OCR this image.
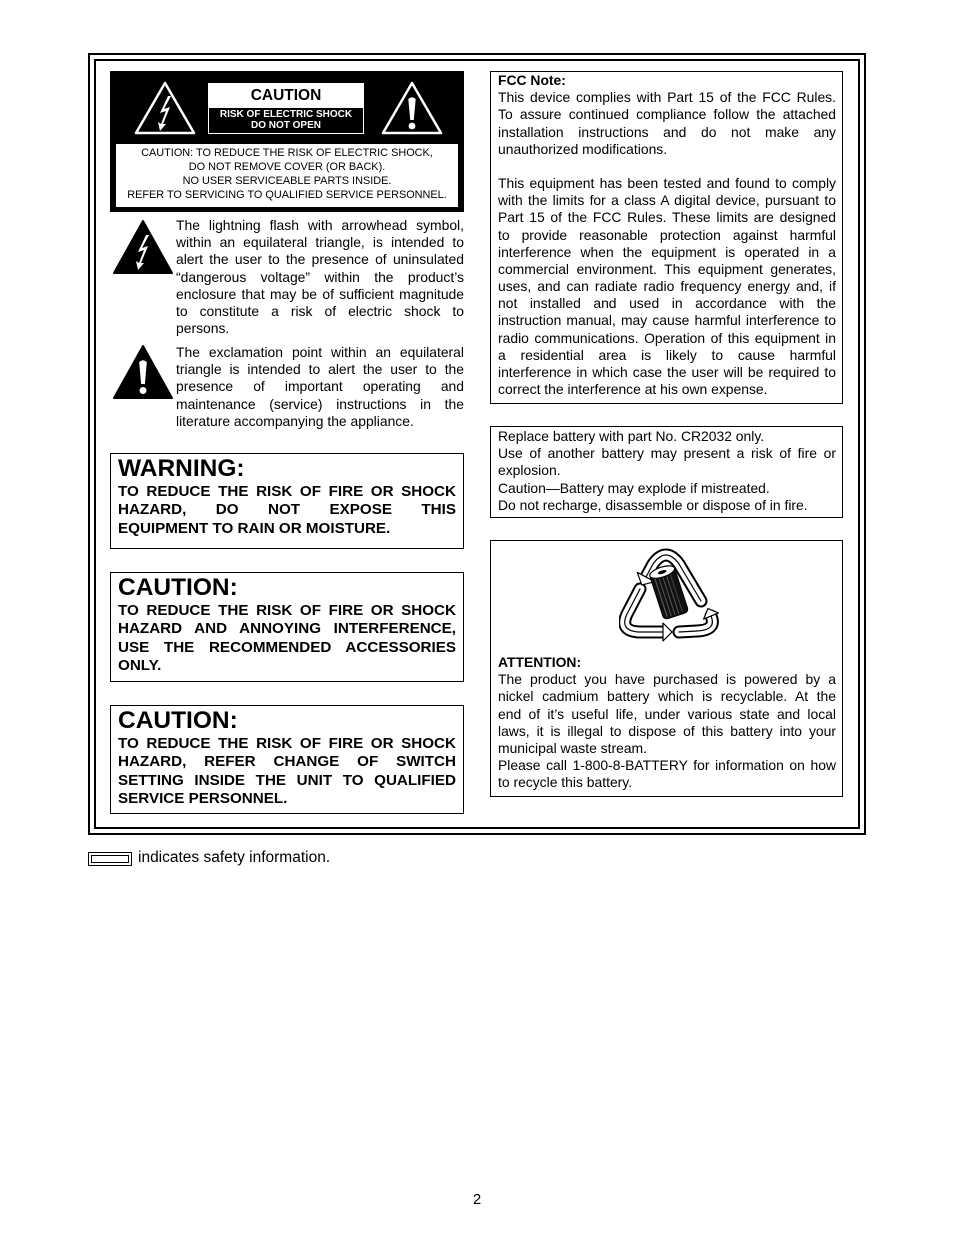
CAUTION
RISK OF ELECTRIC SHOCK
DO NOT OPEN
CAUTION: TO REDUCE THE RISK OF ELECTRIC SHOCK,
DO NOT REMOVE COVER (OR BACK).
NO USER SERVICEABLE PARTS INSIDE.
REFER TO SERVICING TO QUALIFIED SERVICE PERSONNEL.
The lightning flash with arrowhead symbol,
within an equilateral triangle, is intended to
alert the user to the presence of uninsulated
“dangerous voltage” within the product’s
enclosure that may be of sufficient magnitude
to constitute a risk of electric shock to
persons.
The exclamation point within an equilateral
triangle is intended to alert the user to the
presence of important operating and
maintenance (service) instructions in the
literature accompanying the appliance.
WARNING:
TO REDUCE THE RISK OF FIRE OR SHOCK
HAZARD, DO NOT EXPOSE THIS
EQUIPMENT TO RAIN OR MOISTURE.
CAUTION:
TO REDUCE THE RISK OF FIRE OR SHOCK
HAZARD AND ANNOYING INTERFERENCE,
USE THE RECOMMENDED ACCESSORIES
ONLY.
CAUTION:
TO REDUCE THE RISK OF FIRE OR SHOCK
HAZARD, REFER CHANGE OF SWITCH
SETTING INSIDE THE UNIT TO QUALIFIED
SERVICE PERSONNEL.
FCC Note:
This device complies with Part 15 of the FCC Rules.
To assure continued compliance follow the attached
installation instructions and do not make any
unauthorized modifications.
This equipment has been tested and found to comply
with the limits for a class A digital device, pursuant to
Part 15 of the FCC Rules. These limits are designed
to provide reasonable protection against harmful
interference when the equipment is operated in a
commercial environment. This equipment generates,
uses, and can radiate radio frequency energy and, if
not installed and used in accordance with the
instruction manual, may cause harmful interference to
radio communications. Operation of this equipment in
a residential area is likely to cause harmful
interference in which case the user will be required to
correct the interference at his own expense.
Replace battery with part No. CR2032 only.
Use of another battery may present a risk of fire or
explosion.
Caution—Battery may explode if mistreated.
Do not recharge, disassemble or dispose of in fire.
ATTENTION:
The product you have purchased is powered by a
nickel cadmium battery which is recyclable. At the
end of it’s useful life, under various state and local
laws, it is illegal to dispose of this battery into your
municipal waste stream.
Please call 1-800-8-BATTERY for information on how
to recycle this battery.
indicates safety information.
2
